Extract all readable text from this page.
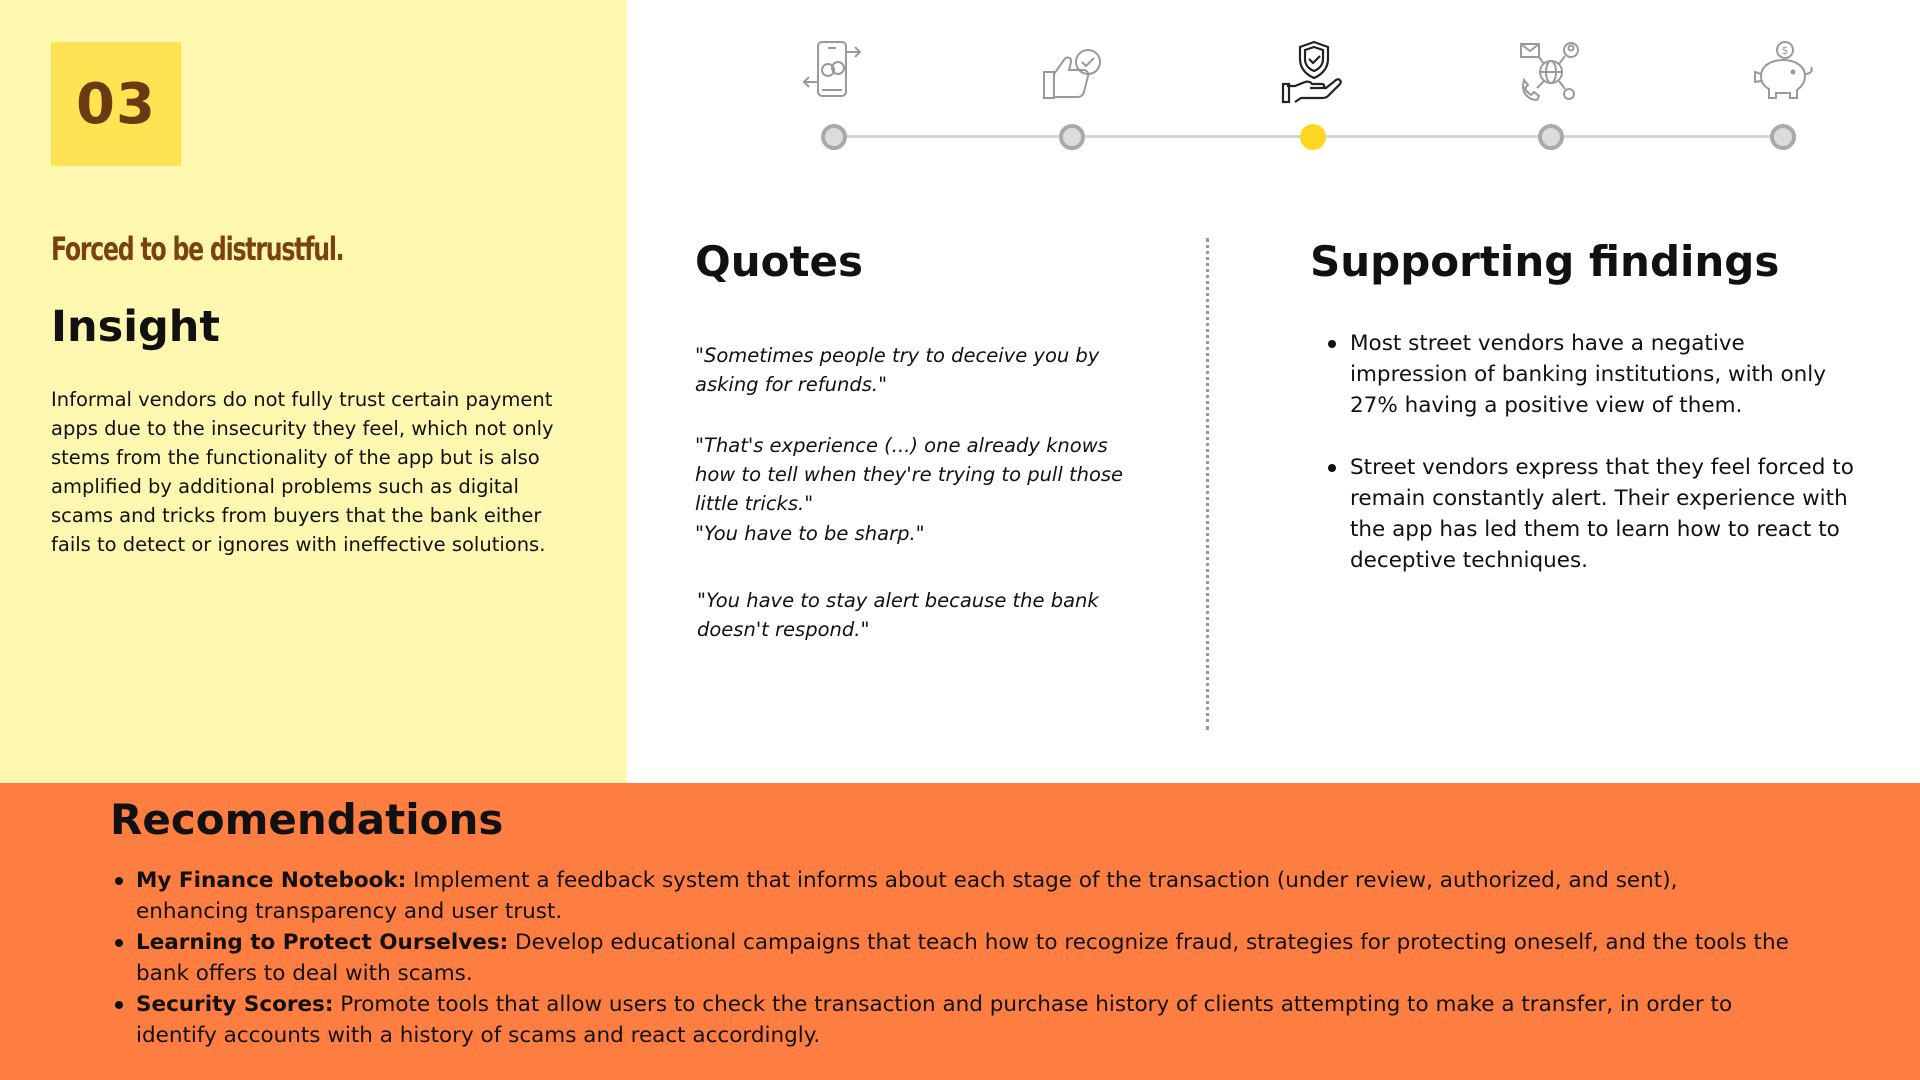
03
Forced to be distrustful.
Insight

Informal vendors do not fully trust certain payment apps due to the insecurity they feel, which not only stems from the functionality of the app but is also amplified by additional problems such as digital scams and tricks from buyers that the bank either fails to detect or ignores with ineffective solutions.

$
Quotes

"Sometimes people try to deceive you by asking for refunds."

"That's experience (...) one already knows how to tell when they're trying to pull those little tricks."

"You have to be sharp."

"You have to stay alert because the bank doesn't respond."

Supporting findings
Most street vendors have a negative impression of banking institutions, with only 27% having a positive view of them.
Street vendors express that they feel forced to remain constantly alert. Their experience with the app has led them to learn how to react to deceptive techniques.
Recomendations
My Finance Notebook: Implement a feedback system that informs about each stage of the transaction (under review, authorized, and sent), enhancing transparency and user trust.
Learning to Protect Ourselves: Develop educational campaigns that teach how to recognize fraud, strategies for protecting oneself, and the tools the bank offers to deal with scams.
Security Scores: Promote tools that allow users to check the transaction and purchase history of clients attempting to make a transfer, in order to identify accounts with a history of scams and react accordingly.
